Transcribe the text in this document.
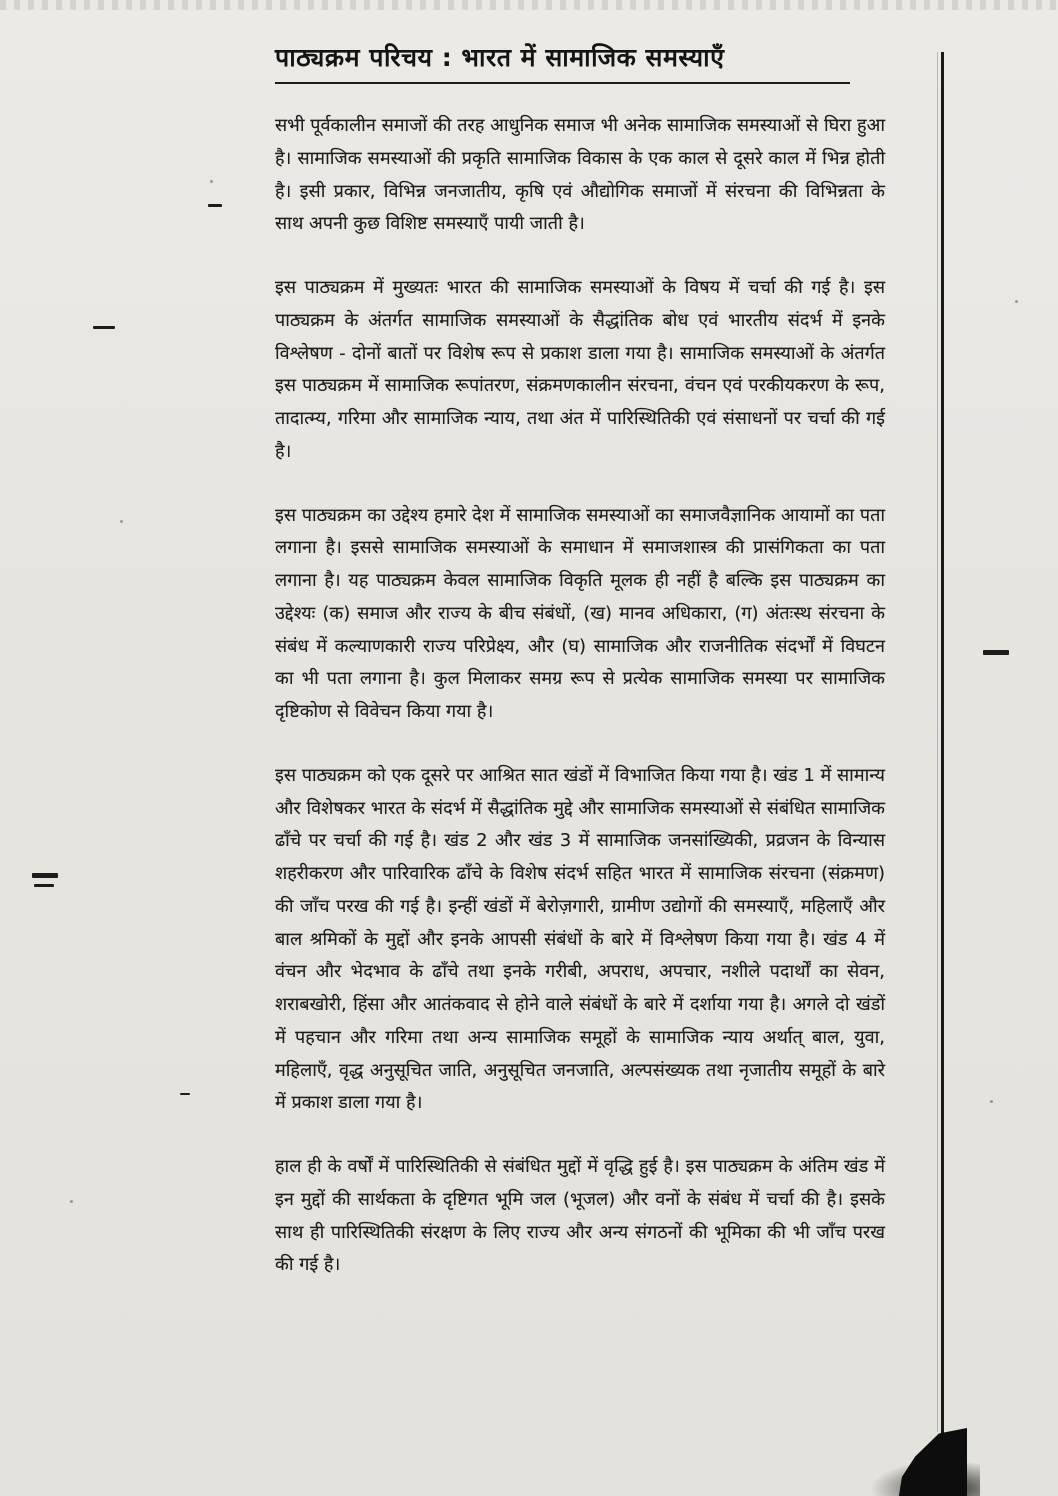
पाठ्यक्रम परिचय : भारत में सामाजिक समस्याएँ

सभी पूर्वकालीन समाजों की तरह आधुनिक समाज भी अनेक सामाजिक समस्याओं से घिरा हुआ है। सामाजिक समस्याओं की प्रकृति सामाजिक विकास के एक काल से दूसरे काल में भिन्न होती है। इसी प्रकार, विभिन्न जनजातीय, कृषि एवं औद्योगिक समाजों में संरचना की विभिन्नता के साथ अपनी कुछ विशिष्ट समस्याएँ पायी जाती है।

इस पाठ्यक्रम में मुख्यतः भारत की सामाजिक समस्याओं के विषय में चर्चा की गई है। इस पाठ्यक्रम के अंतर्गत सामाजिक समस्याओं के सैद्धांतिक बोध एवं भारतीय संदर्भ में इनके विश्लेषण - दोनों बातों पर विशेष रूप से प्रकाश डाला गया है। सामाजिक समस्याओं के अंतर्गत इस पाठ्यक्रम में सामाजिक रूपांतरण, संक्रमणकालीन संरचना, वंचन एवं परकीयकरण के रूप, तादात्म्य, गरिमा और सामाजिक न्याय, तथा अंत में पारिस्थितिकी एवं संसाधनों पर चर्चा की गई है।

इस पाठ्यक्रम का उद्देश्य हमारे देश में सामाजिक समस्याओं का समाजवैज्ञानिक आयामों का पता लगाना है। इससे सामाजिक समस्याओं के समाधान में समाजशास्त्र की प्रासंगिकता का पता लगाना है। यह पाठ्यक्रम केवल सामाजिक विकृति मूलक ही नहीं है बल्कि इस पाठ्यक्रम का उद्देश्यः (क) समाज और राज्य के बीच संबंधों, (ख) मानव अधिकारा, (ग) अंतःस्थ संरचना के संबंध में कल्याणकारी राज्य परिप्रेक्ष्य, और (घ) सामाजिक और राजनीतिक संदर्भों में विघटन का भी पता लगाना है। कुल मिलाकर समग्र रूप से प्रत्येक सामाजिक समस्या पर सामाजिक दृष्टिकोण से विवेचन किया गया है।

इस पाठ्यक्रम को एक दूसरे पर आश्रित सात खंडों में विभाजित किया गया है। खंड 1 में सामान्य और विशेषकर भारत के संदर्भ में सैद्धांतिक मुद्दे और सामाजिक समस्याओं से संबंधित सामाजिक ढाँचे पर चर्चा की गई है। खंड 2 और खंड 3 में सामाजिक जनसांख्यिकी, प्रव्रजन के विन्यास शहरीकरण और पारिवारिक ढाँचे के विशेष संदर्भ सहित भारत में सामाजिक संरचना (संक्रमण) की जाँच परख की गई है। इन्हीं खंडों में बेरोज़गारी, ग्रामीण उद्योगों की समस्याएँ, महिलाएँ और बाल श्रमिकों के मुद्दों और इनके आपसी संबंधों के बारे में विश्लेषण किया गया है। खंड 4 में वंचन और भेदभाव के ढाँचे तथा इनके गरीबी, अपराध, अपचार, नशीले पदार्थों का सेवन, शराबखोरी, हिंसा और आतंकवाद से होने वाले संबंधों के बारे में दर्शाया गया है। अगले दो खंडों में पहचान और गरिमा तथा अन्य सामाजिक समूहों के सामाजिक न्याय अर्थात् बाल, युवा, महिलाएँ, वृद्ध अनुसूचित जाति, अनुसूचित जनजाति, अल्पसंख्यक तथा नृजातीय समूहों के बारे में प्रकाश डाला गया है।

हाल ही के वर्षों में पारिस्थितिकी से संबंधित मुद्दों में वृद्धि हुई है। इस पाठ्यक्रम के अंतिम खंड में इन मुद्दों की सार्थकता के दृष्टिगत भूमि जल (भूजल) और वनों के संबंध में चर्चा की है। इसके साथ ही पारिस्थितिकी संरक्षण के लिए राज्य और अन्य संगठनों की भूमिका की भी जाँच परख की गई है।
